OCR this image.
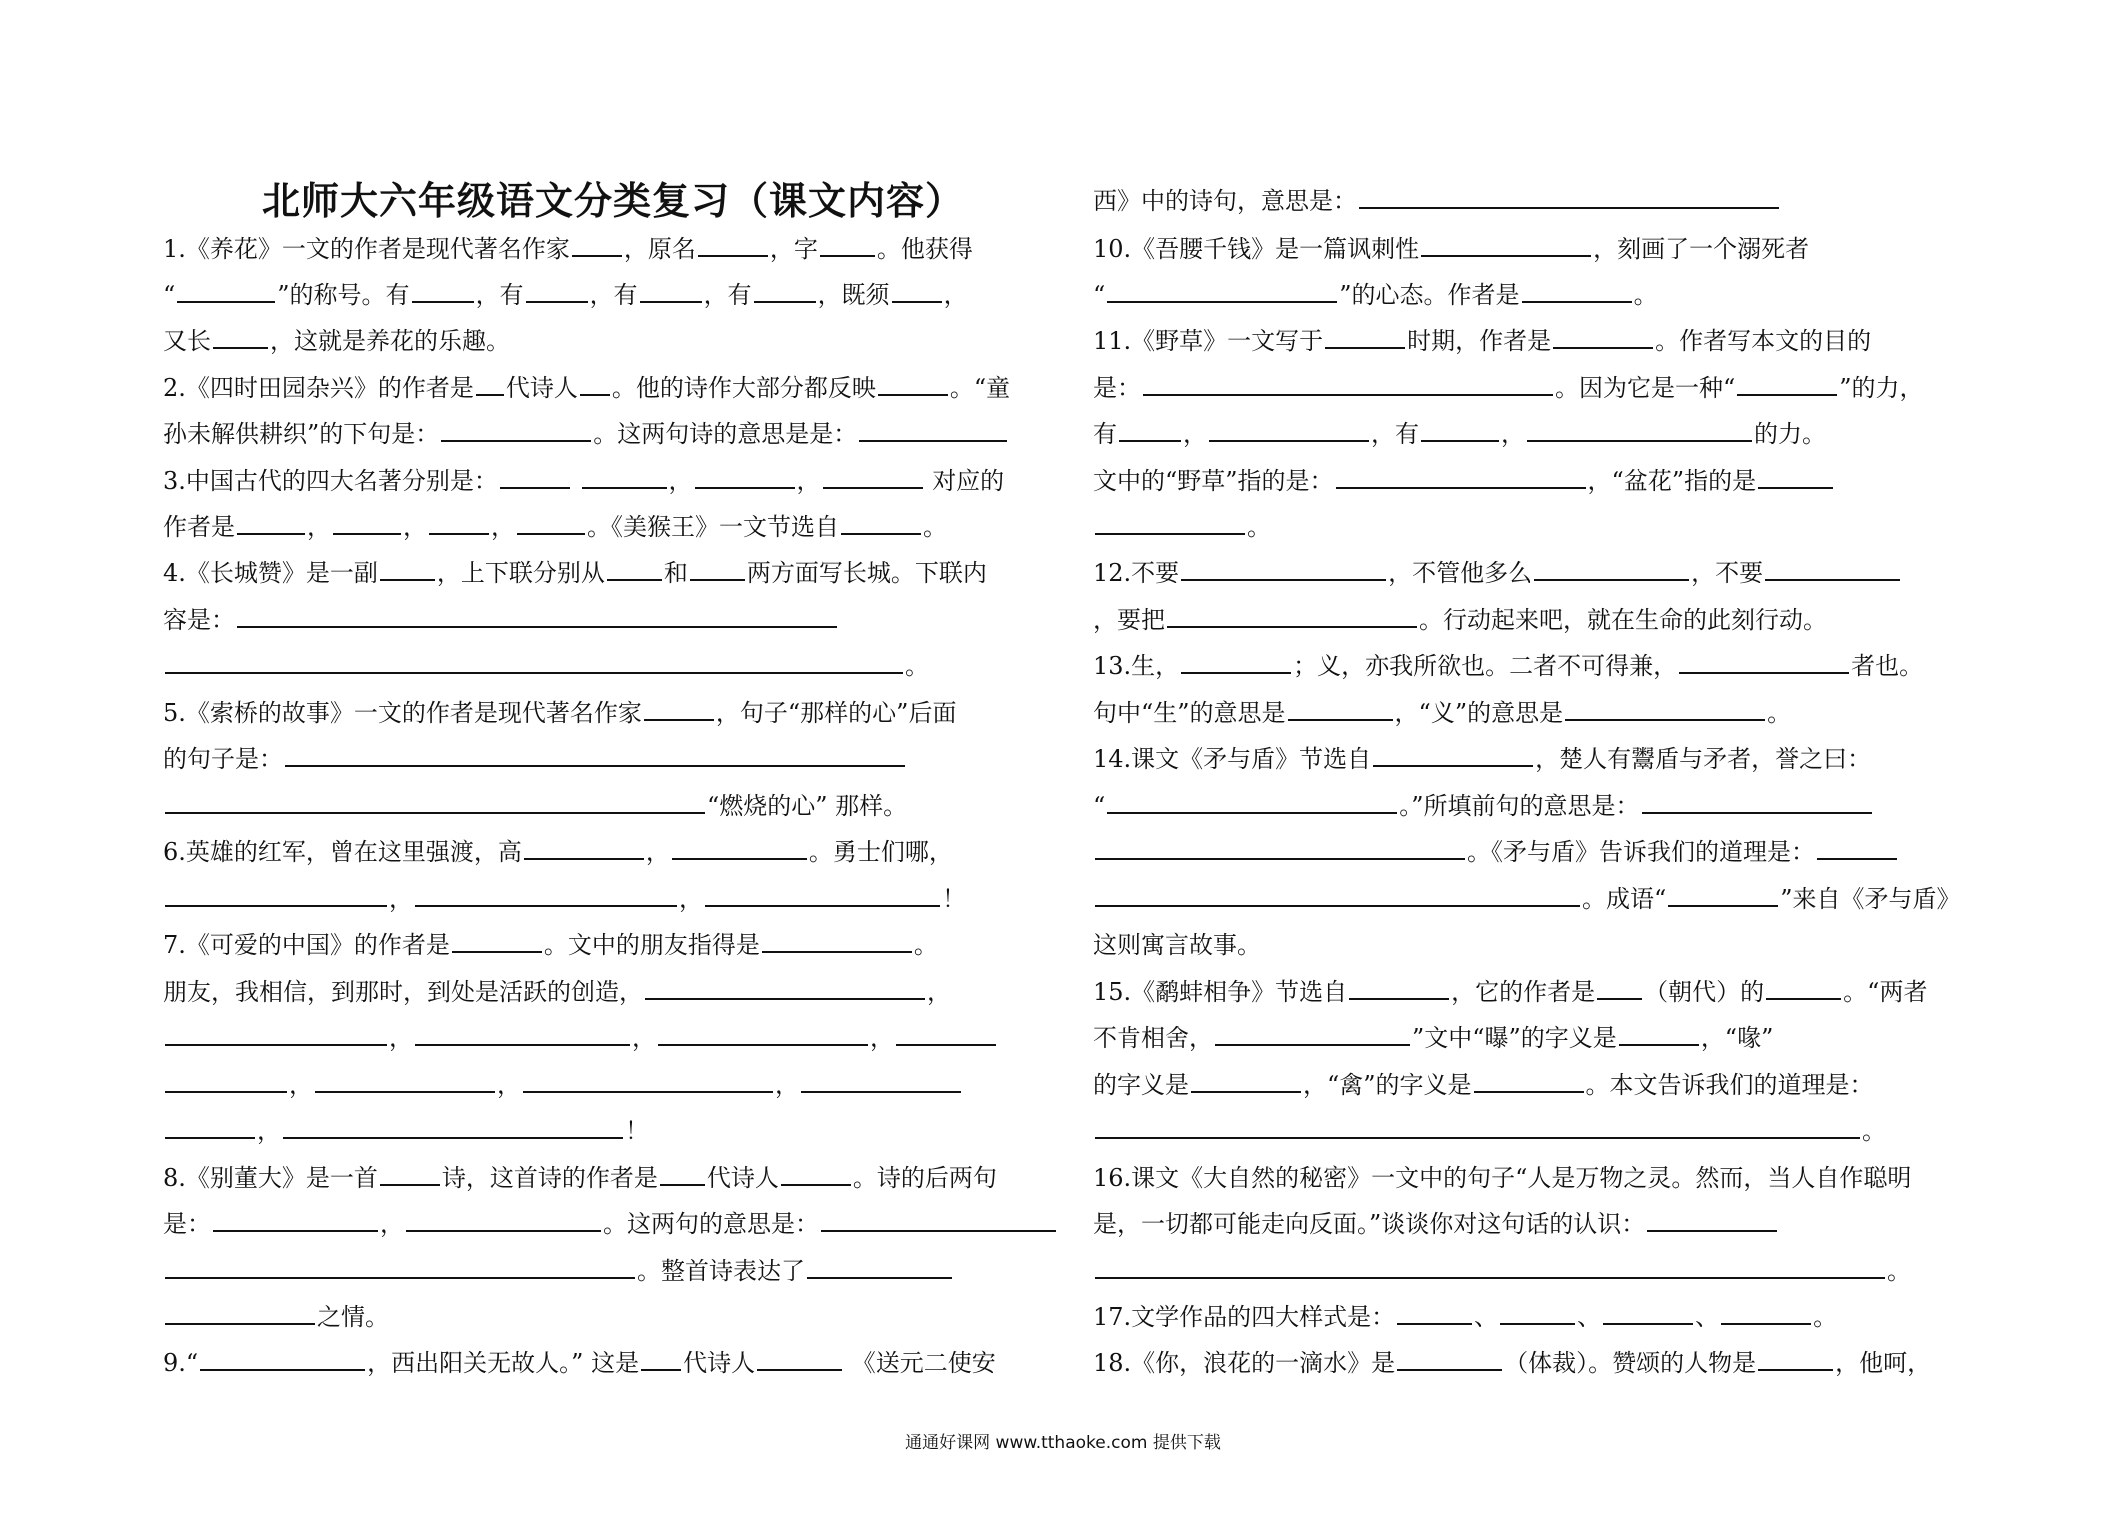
北师大六年级语文分类复习（课文内容）
1.《养花》一文的作者是现代著名作家 ，原名	，字 。他获得
“	”的称号。有	，有	，有	，有	，既须 ，
又长 ，这就是养花的乐趣。
2.《四时田园杂兴》的作者是 代诗人 。他的诗作大部分都反映	。“童
孙未解供耕织”的下句是：	。这两句诗的意思是是：
3.中国古代的四大名著分别是：	，	，	对应的
作者是	，	，	，	。《美猴王》一文节选自	。
4.《长城赞》是一副 ，上下联分别从 和 两方面写长城。下联内
容是：
。
5.《索桥的故事》一文的作者是现代著名作家	，句子“那样的心”后面
的句子是：
“燃烧的心” 那样。
6.英雄的红军，曾在这里强渡，高	，	。勇士们哪，
，	，	！
7.《可爱的中国》的作者是	。文中的朋友指得是	。
朋友，我相信，到那时，到处是活跃的创造，	，
，	，	，
，	，	，
，	！
8.《别董大》是一首	诗，这首诗的作者是 代诗人	。诗的后两句
是：	，	。这两句的意思是：
。整首诗表达了
之情。
9.“	，西出阳关无故人。” 这是 代诗人	《送元二使安
西》中的诗句，意思是：
10.《吾腰千钱》是一篇讽刺性	，刻画了一个溺死者
“	”的心态。作者是	。
11.《野草》一文写于	时期，作者是	。作者写本文的目的
是：	。因为它是一种“	”的力，
有	，	，有	，	的力。
文中的“野草”指的是：	，“盆花”指的是
。
12.不要	，不管他多么	，不要
，要把	。行动起来吧，就在生命的此刻行动。
13.生，	；义，亦我所欲也。二者不可得兼，	者也。
句中“生”的意思是	，“义”的意思是	。
14.课文《矛与盾》节选自	，楚人有鬻盾与矛者，誉之曰：
“	。”所填前句的意思是：
。《矛与盾》告诉我们的道理是：
。成语“	”来自《矛与盾》
这则寓言故事。
15.《鹬蚌相争》节选自	，它的作者是 （朝代）的	。“两者
不肯相舍，	”文中“曝”的字义是	，“喙”
的字义是	，“禽”的字义是	。本文告诉我们的道理是：
。
16.课文《大自然的秘密》一文中的句子“人是万物之灵。然而，当人自作聪明
是，一切都可能走向反面。”谈谈你对这句话的认识：
。
17.文学作品的四大样式是：	、	、	、	。
18.《你，浪花的一滴水》是	（体裁）。赞颂的人物是	，他呵，
通通好课网 www.tthaoke.com 提供下载
